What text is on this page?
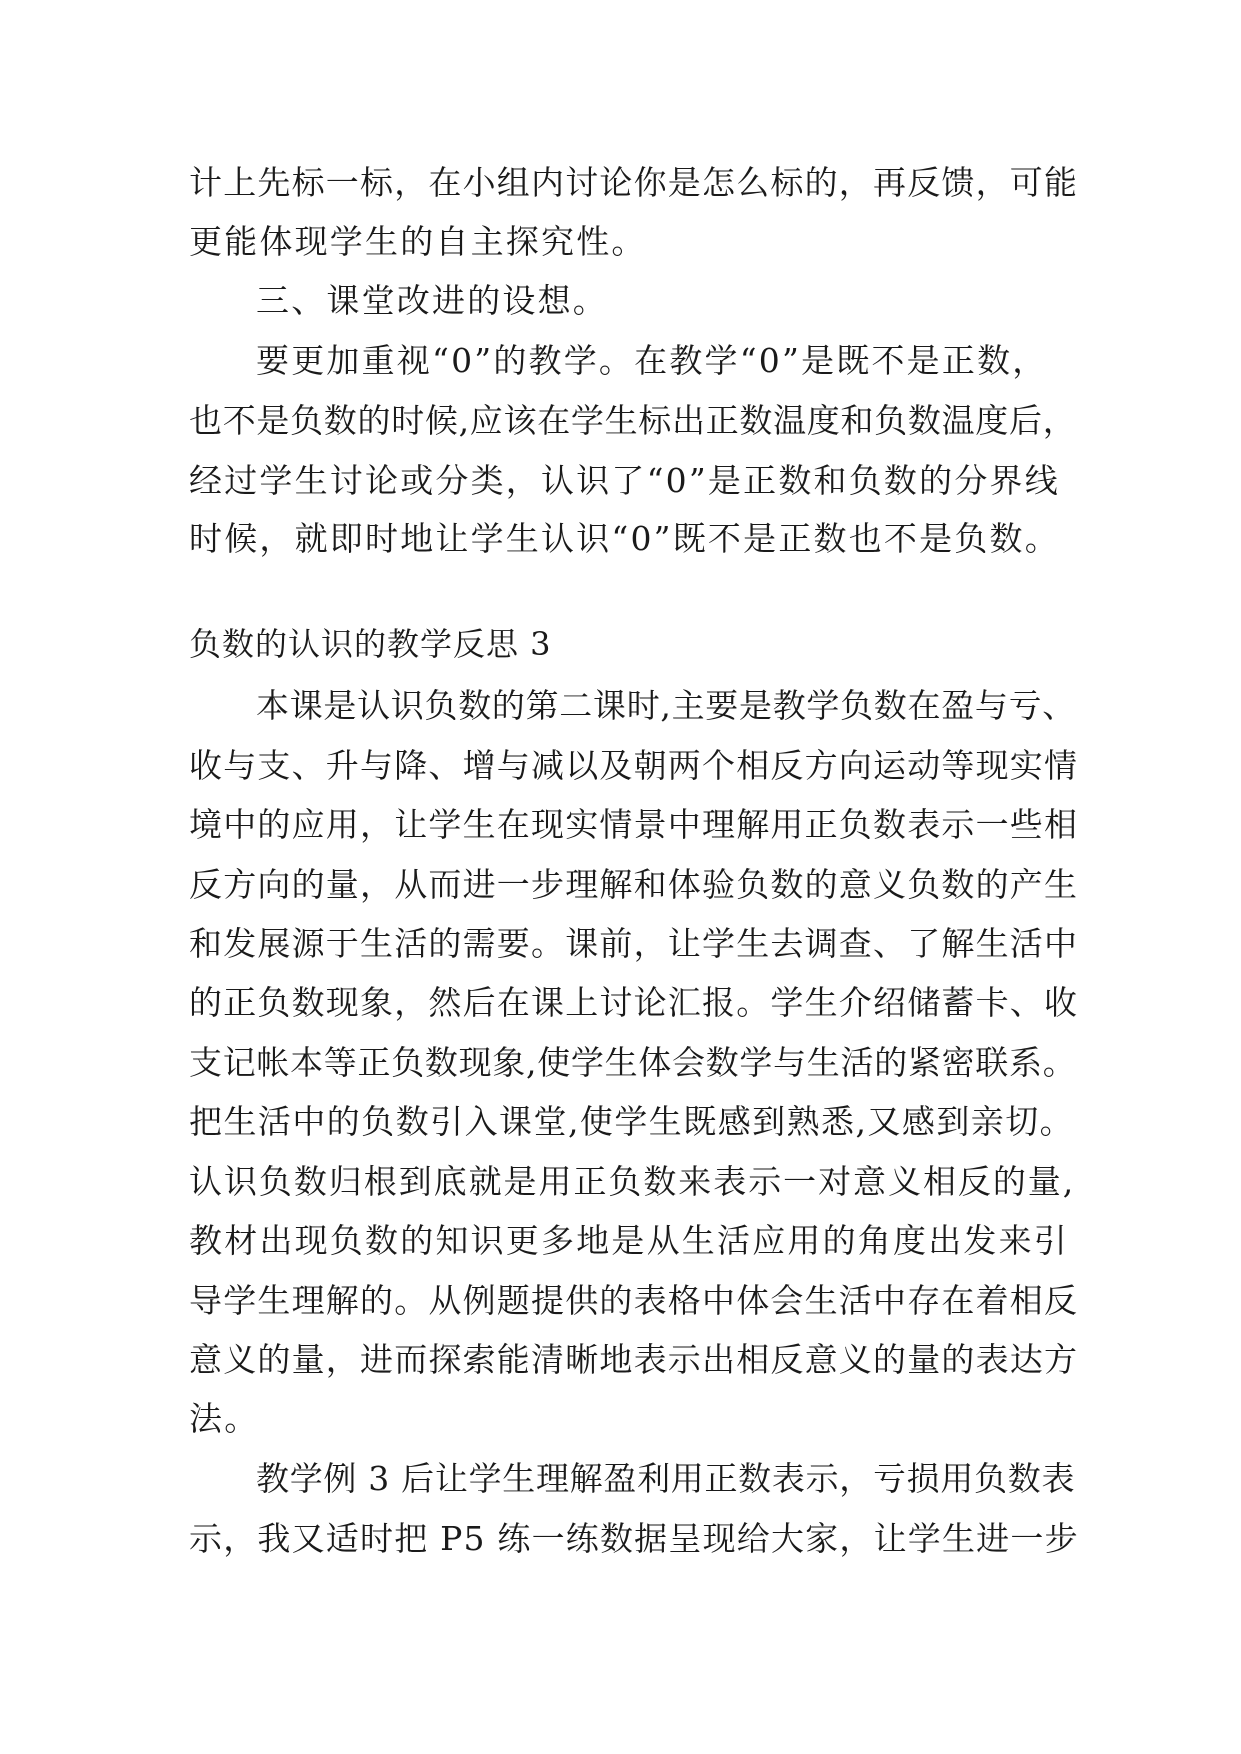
计上先标一标，在小组内讨论你是怎么标的，再反馈，可能
更能体现学生的自主探究性。
三、课堂改进的设想。
要更加重视“0”的教学。在教学“0”是既不是正数，
也不是负数的时候,应该在学生标出正数温度和负数温度后，
经过学生讨论或分类，认识了“0”是正数和负数的分界线
时候，就即时地让学生认识“0”既不是正数也不是负数。
负数的认识的教学反思 3
本课是认识负数的第二课时,主要是教学负数在盈与亏、
收与支、升与降、增与减以及朝两个相反方向运动等现实情
境中的应用，让学生在现实情景中理解用正负数表示一些相
反方向的量，从而进一步理解和体验负数的意义负数的产生
和发展源于生活的需要。课前，让学生去调查、了解生活中
的正负数现象，然后在课上讨论汇报。学生介绍储蓄卡、收
支记帐本等正负数现象,使学生体会数学与生活的紧密联系。
把生活中的负数引入课堂,使学生既感到熟悉,又感到亲切。
认识负数归根到底就是用正负数来表示一对意义相反的量,
教材出现负数的知识更多地是从生活应用的角度出发来引
导学生理解的。从例题提供的表格中体会生活中存在着相反
意义的量，进而探索能清晰地表示出相反意义的量的表达方
法。
教学例 3 后让学生理解盈利用正数表示，亏损用负数表
示，我又适时把 P5 练一练数据呈现给大家，让学生进一步
